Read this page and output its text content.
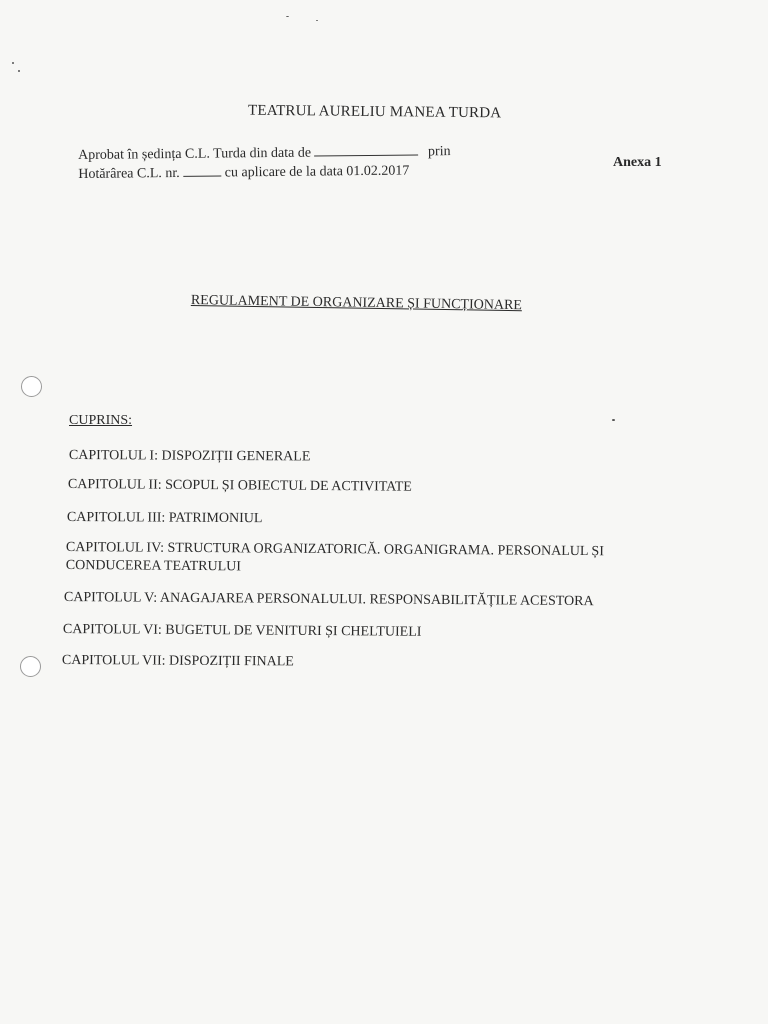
TEATRUL AURELIU MANEA TURDA
Aprobat în ședința C.L. Turda din data de	prin
Hotărârea C.L. nr.	cu aplicare de la data 01.02.2017
Anexa 1
REGULAMENT DE ORGANIZARE ȘI FUNCȚIONARE
CUPRINS:
CAPITOLUL I: DISPOZIȚII GENERALE
CAPITOLUL II: SCOPUL ȘI OBIECTUL DE ACTIVITATE
CAPITOLUL III: PATRIMONIUL
CAPITOLUL IV: STRUCTURA ORGANIZATORICĂ. ORGANIGRAMA. PERSONALUL ȘI
CONDUCEREA TEATRULUI
CAPITOLUL V: ANAGAJAREA PERSONALULUI. RESPONSABILITĂȚILE ACESTORA
CAPITOLUL VI: BUGETUL DE VENITURI ȘI CHELTUIELI
CAPITOLUL VII: DISPOZIȚII FINALE
